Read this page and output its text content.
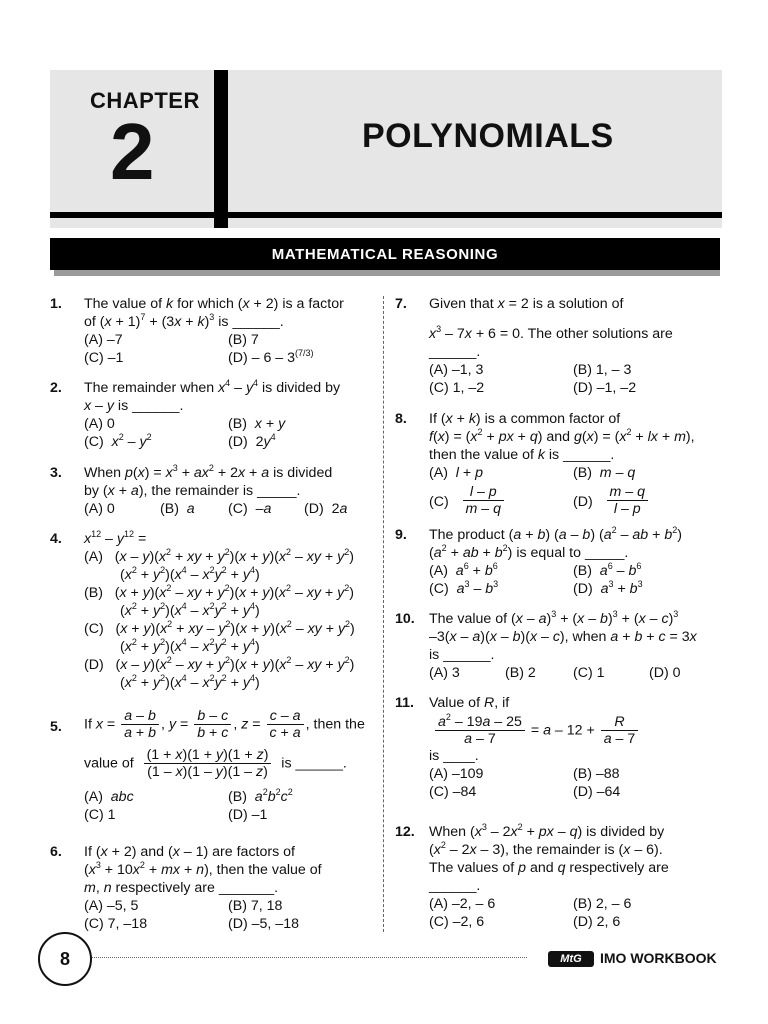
CHAPTER
2	POLYNOMIALS
MATHEMATICAL REASONING
1. The value of k for which (x + 2) is a factor
of $(x + 1)^7 + (3x + k)^3$ is ______.
(A) –7	(B) 7
(C) –1	$(D) - 6 - 3^{(7/3)}$
2. The remainder when $x^4 - y^4$ is divided by
x – y is ______.
(A) 0	(B)  x + y
(C)  $x^2 - y^2$	(D)  $2y^4$
3. When $p(x) = x^3 + ax^2 + 2x + a$ is divided
by (x + a), the remainder is _____.
(A) 0	(B)  a (C)  –a (D)  2a
4. $x^{12} - y^{12}$ =
(A)   $(x - y)(x^2$ + xy + $y^2)(x + y)(x^2$ – xy + $y^2$)
$(x^2 + y^2)(x^4 - x^2y^2 + y^4)$
(B)   $(x + y)(x^2$ – xy + $y^2)(x + y)(x^2$ – xy + $y^2$)
$(x^2 + y^2)(x^4 - x^2y^2 + y^4)$
(C)   $(x + y)(x^2$ + xy – $y^2)(x + y)(x^2$ – xy + $y^2$)
$(x^2 + y^2)(x^4 - x^2y^2 + y^4)$
(D)   $(x - y)(x^2$ – xy + $y^2)(x + y)(x^2$ – xy + $y^2$)
$(x^2 + y^2)(x^4 - x^2y^2 + y^4)$
5. If $x = \frac{a - b}{a + b}$ , $y = \frac{b - c}{b + c}$ , $z = \frac{c - a}{c + a}$ , then the
value of $\frac{(1 + x)(1 + y)(1 + z)}{(1 - x)(1 - y)(1 - z)}$ is ______.
(A)  abc	(B)  $a^2b^2c^2$
(C) 1	(D) –1
6. If (x + 2) and (x – 1) are factors of
($x^3 + 10x^2$ + mx + n), then the value of
m, n respectively are _______.
(A) –5, 5	(B) 7, 18
(C) 7, –18	(D) –5, –18
7. Given that x = 2 is a solution of
$x^3 - 7x + 6 = 0$. The other solutions are
______.
(A) –1, 3	(B) 1, – 3
(C) 1, –2	(D) –1, –2
8. If (x + k) is a common factor of
$f(x) = (x^2$ + px + q) and $g(x) = (x^2$ + lx + m),
then the value of k is ______.
(A)  l + p	(B)  m – q
$(C) \frac{l - p}{m - q}$	$(D) \frac{m - q}{l - p}$
9. The product (a + b) (a – b) ($a^2$ – ab + $b^2$)
($a^2$ + ab + $b^2$) is equal to _____.
(A)  $a^6 + b^6$	(B)  $a^6 - b^6$
(C)  $a^3 - b^3$	(D)  $a^3 + b^3$
10. The value of (x – a)$^3$ + (x – b)$^3$ + (x – c)$^3$
–3(x – a)(x – b)(x – c), when a + b + c = 3x
is ______.
(A) 3	(B) 2	(C) 1	(D) 0
11. Value of R, if
$\frac{a^2 - 19a - 25}{a - 7} = a - 12 + \frac{R}{a - 7}$
is ____.
(A) –109	(B) –88
(C) –84	(D) –64
12. When ($x^3 - 2x^2$ + px – q) is divided by
$(x^2 - 2x - 3)$, the remainder is (x – 6).
The values of p and q respectively are
______.
(A) –2, – 6	(B) 2, – 6
(C) –2, 6	(D) 2, 6
8	MtG	IMO WORKBOOK
